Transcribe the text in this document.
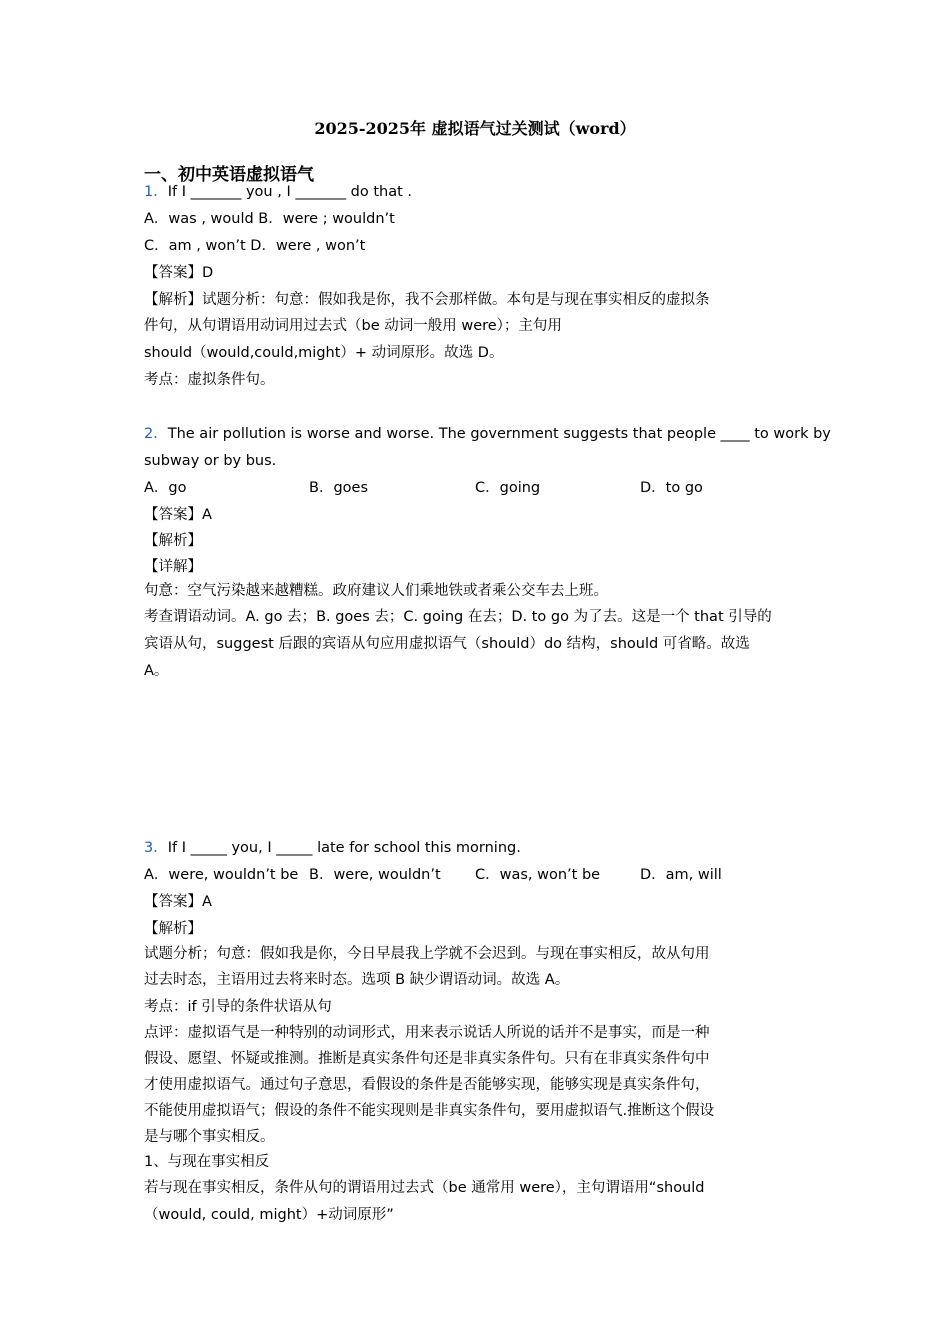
2025-2025年 虚拟语气过关测试（word）
一、初中英语虚拟语气
1．If I _______ you , I _______ do that .
A．was , would B．were ; wouldn’t
C．am , won’t D．were , won’t
【答案】D
【解析】试题分析：句意：假如我是你，我不会那样做。本句是与现在事实相反的虚拟条
件句，从句谓语用动词用过去式（be 动词一般用 were）；主句用
should（would,could,might）+ 动词原形。故选 D。
考点：虚拟条件句。
2．The air pollution is worse and worse. The government suggests that people ____ to work by
subway or by bus.
A．go	B．goes	C．going	D．to go
【答案】A
【解析】
【详解】
句意：空气污染越来越糟糕。政府建议人们乘地铁或者乘公交车去上班。
考查谓语动词。A. go 去；B. goes 去；C. going 在去；D. to go 为了去。这是一个 that 引导的
宾语从句，suggest 后跟的宾语从句应用虚拟语气（should）do 结构，should 可省略。故选
A。
3．If I _____ you, I _____ late for school this morning.
A．were, wouldn’t be B．were, wouldn’t C．was, won’t be	D．am, will
【答案】A
【解析】
试题分析；句意：假如我是你，今日早晨我上学就不会迟到。与现在事实相反，故从句用
过去时态，主语用过去将来时态。选项 B 缺少谓语动词。故选 A。
考点：if 引导的条件状语从句
点评：虚拟语气是一种特别的动词形式，用来表示说话人所说的话并不是事实，而是一种
假设、愿望、怀疑或推测。推断是真实条件句还是非真实条件句。只有在非真实条件句中
才使用虚拟语气。通过句子意思，看假设的条件是否能够实现，能够实现是真实条件句，
不能使用虚拟语气；假设的条件不能实现则是非真实条件句，要用虚拟语气.推断这个假设
是与哪个事实相反。
1、与现在事实相反
若与现在事实相反，条件从句的谓语用过去式（be 通常用 were），主句谓语用“should
（would, could, might）+动词原形”
